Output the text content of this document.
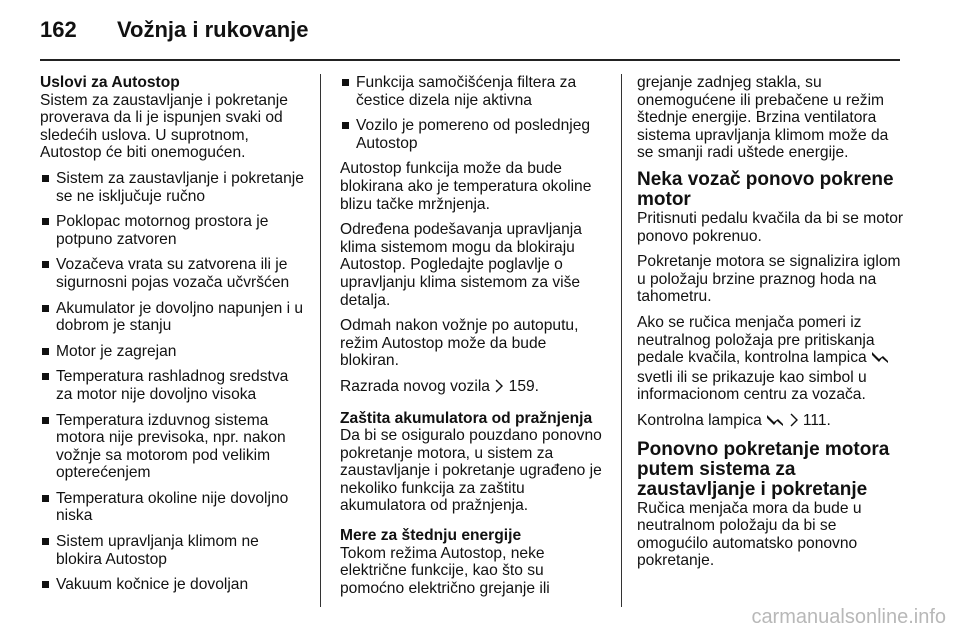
162	Vožnja i rukovanje
Uslovi za Autostop

Sistem za zaustavljanje i pokretanje proverava da li je ispunjen svaki od sledećih uslova. U suprotnom, Autostop će biti onemogućen.

Sistem za zaustavljanje i pokretanje se ne isključuje ručno
Poklopac motornog prostora je potpuno zatvoren
Vozačeva vrata su zatvorena ili je sigurnosni pojas vozača učvršćen
Akumulator je dovoljno napunjen i u dobrom je stanju
Motor je zagrejan
Temperatura rashladnog sredstva za motor nije dovoljno visoka
Temperatura izduvnog sistema motora nije previsoka, npr. nakon vožnje sa motorom pod velikim opterećenjem
Temperatura okoline nije dovoljno niska
Sistem upravljanja klimom ne blokira Autostop
Vakuum kočnice je dovoljan
Funkcija samočišćenja filtera za čestice dizela nije aktivna
Vozilo je pomereno od poslednjeg Autostop

Autostop funkcija može da bude blokirana ako je temperatura okoline blizu tačke mržnjenja.

Određena podešavanja upravljanja klima sistemom mogu da blokiraju Autostop. Pogledajte poglavlje o upravljanju klima sistemom za više detalja.

Odmah nakon vožnje po autoputu, režim Autostop može da bude blokiran.

Razrada novog vozila  159.

Zaštita akumulatora od pražnjenja

Da bi se osiguralo pouzdano ponovno pokretanje motora, u sistem za zaustavljanje i pokretanje ugrađeno je nekoliko funkcija za zaštitu akumulatora od pražnjenja.

Mere za štednju energije

Tokom režima Autostop, neke električne funkcije, kao što su pomoćno električno grejanje ili

grejanje zadnjeg stakla, su onemogućene ili prebačene u režim štednje energije. Brzina ventilatora sistema upravljanja klimom može da se smanji radi uštede energije.

Neka vozač ponovo pokrene motor

Pritisnuti pedalu kvačila da bi se motor ponovo pokrenuo.

Pokretanje motora se signalizira iglom u položaju brzine praznog hoda na tahometru.

Ako se ručica menjača pomeri iz neutralnog položaja pre pritiskanja pedale kvačila, kontrolna lampica  svetli ili se prikazuje kao simbol u informacionom centru za vozača.

Kontrolna lampica   111.

Ponovno pokretanje motora putem sistema za zaustavljanje i pokretanje

Ručica menjača mora da bude u neutralnom položaju da bi se omogućilo automatsko ponovno pokretanje.

carmanualsonline.info
